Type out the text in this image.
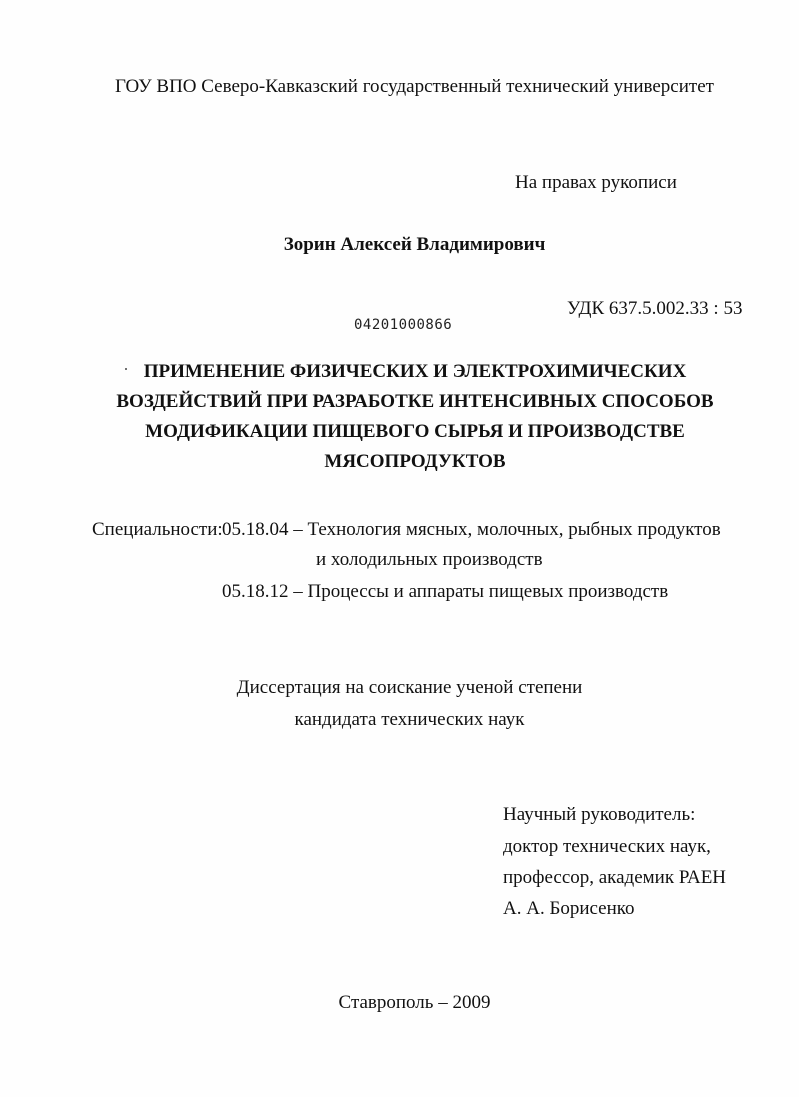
ГОУ ВПО Северо-Кавказский государственный технический университет
На правах рукописи
Зорин Алексей Владимирович
УДК 637.5.002.33 : 53
04201000866
ПРИМЕНЕНИЕ ФИЗИЧЕСКИХ И ЭЛЕКТРОХИМИЧЕСКИХ
ВОЗДЕЙСТВИЙ ПРИ РАЗРАБОТКЕ ИНТЕНСИВНЫХ СПОСОБОВ
МОДИФИКАЦИИ ПИЩЕВОГО СЫРЬЯ И ПРОИЗВОДСТВЕ
МЯСОПРОДУКТОВ
Специальности: 05.18.04 – Технология мясных, молочных, рыбных продуктов
и холодильных производств
05.18.12 – Процессы и аппараты пищевых производств
Диссертация на соискание ученой степени
кандидата технических наук
Научный руководитель:
доктор технических наук,
профессор, академик РАЕН
А. А. Борисенко
Ставрополь – 2009
